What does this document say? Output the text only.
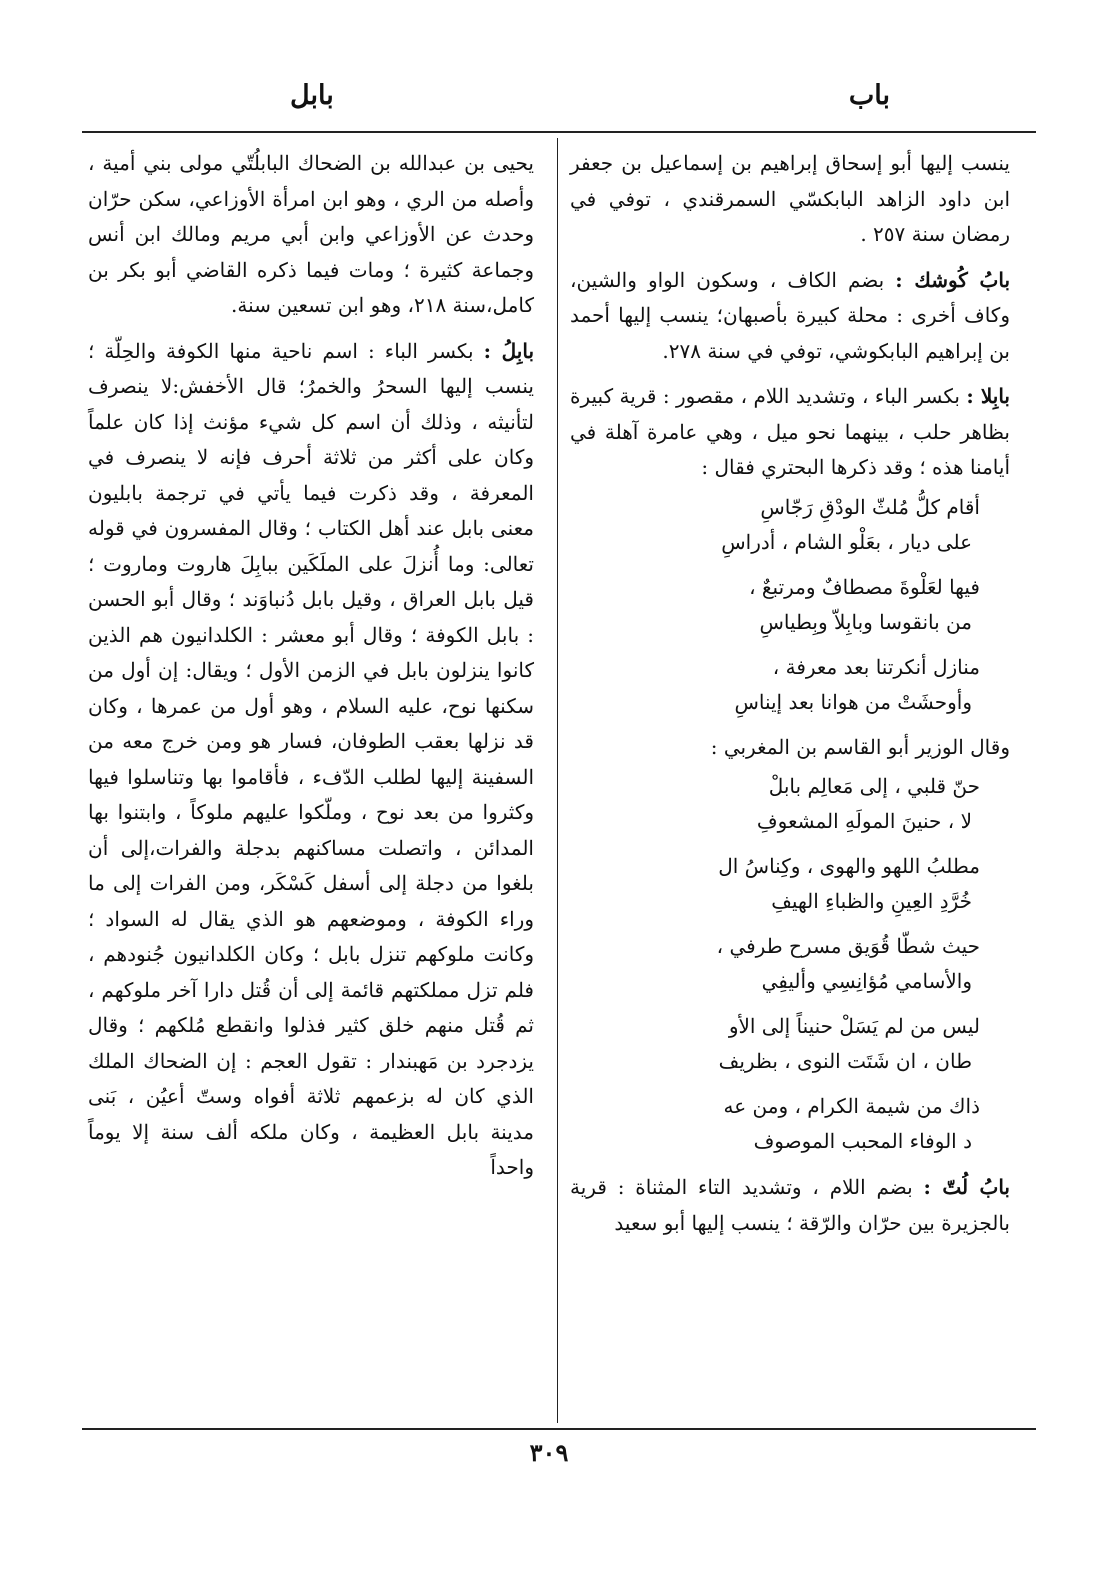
باب
بابل

ينسب إليها أبو إسحاق إبراهيم بن إسماعيل بن جعفر ابن داود الزاهد البابكسّي السمرقندي ، توفي في رمضان سنة ٢٥٧ .

بابُ كُوشك : بضم الكاف ، وسكون الواو والشين، وكاف أخرى : محلة كبيرة بأصبهان؛ ينسب إليها أحمد بن إبراهيم البابكوشي، توفي في سنة ٢٧٨.

بابِلا : بكسر الباء ، وتشديد اللام ، مقصور : قرية كبيرة بظاهر حلب ، بينهما نحو ميل ، وهي عامرة آهلة في أيامنا هذه ؛ وقد ذكرها البحتري فقال :

أقام كلُّ مُلثّ الودْقِ رَجّاسِ
على ديار ، بعَلْو الشام ، أدراسِ
فيها لعَلْوةَ مصطافٌ ومرتبعٌ ،
من بانقوسا وبابِلاّ وبِطياسِ
منازل أنكرتنا بعد معرفة ،
وأوحشَتْ من هوانا بعد إيناسِ

وقال الوزير أبو القاسم بن المغربي :

حنّ قلبي ، إلى مَعالِم بابلْ
لا ، حنينَ المولَهِ المشعوفِ
مطلبُ اللهو والهوى ، وكِناسُ ال
خُرَّدِ العِينِ والظباءِ الهيفِ
حيث شطّا قُوَيق مسرح طرفي ،
والأسامي مُؤانِسِي وأليفِي
ليس من لم يَسَلْ حنيناً إلى الأو
طان ، ان شَتَت النوى ، بظريف
ذاك من شيمة الكرام ، ومن عه
د الوفاء المحبب الموصوف

بابُ لُتّ : بضم اللام ، وتشديد التاء المثناة : قرية بالجزيرة بين حرّان والرّقة ؛ ينسب إليها أبو سعيد

يحيى بن عبدالله بن الضحاك البابلُتّي مولى بني أمية ، وأصله من الري ، وهو ابن امرأة الأوزاعي، سكن حرّان وحدث عن الأوزاعي وابن أبي مريم ومالك ابن أنس وجماعة كثيرة ؛ ومات فيما ذكره القاضي أبو بكر بن كامل،سنة ٢١٨، وهو ابن تسعين سنة.

بابِلُ : بكسر الباء : اسم ناحية منها الكوفة والحِلّة ؛ ينسب إليها السحرُ والخمرُ؛ قال الأخفش:لا ينصرف لتأنيثه ، وذلك أن اسم كل شيء مؤنث إذا كان علماً وكان على أكثر من ثلاثة أحرف فإنه لا ينصرف في المعرفة ، وقد ذكرت فيما يأتي في ترجمة بابليون معنى بابل عند أهل الكتاب ؛ وقال المفسرون في قوله تعالى: وما أُنزلَ على الملَكَين ببابِلَ هاروت وماروت ؛ قيل بابل العراق ، وقيل بابل دُنباوَند ؛ وقال أبو الحسن : بابل الكوفة ؛ وقال أبو معشر : الكلدانيون هم الذين كانوا ينزلون بابل في الزمن الأول ؛ ويقال: إن أول من سكنها نوح، عليه السلام ، وهو أول من عمرها ، وكان قد نزلها بعقب الطوفان، فسار هو ومن خرج معه من السفينة إليها لطلب الدّفء ، فأقاموا بها وتناسلوا فيها وكثروا من بعد نوح ، وملّكوا عليهم ملوكاً ، وابتنوا بها المدائن ، واتصلت مساكنهم بدجلة والفرات،إلى أن بلغوا من دجلة إلى أسفل كَسْكَر، ومن الفرات إلى ما وراء الكوفة ، وموضعهم هو الذي يقال له السواد ؛ وكانت ملوكهم تنزل بابل ؛ وكان الكلدانيون جُنودهم ، فلم تزل مملكتهم قائمة إلى أن قُتل دارا آخر ملوكهم ، ثم قُتل منهم خلق كثير فذلوا وانقطع مُلكهم ؛ وقال يزدجرد بن مَهبندار : تقول العجم : إن الضحاك الملك الذي كان له بزعمهم ثلاثة أفواه وستّ أعيُن ، بَنى مدينة بابل العظيمة ، وكان ملكه ألف سنة إلا يوماً واحداً

٣٠٩
